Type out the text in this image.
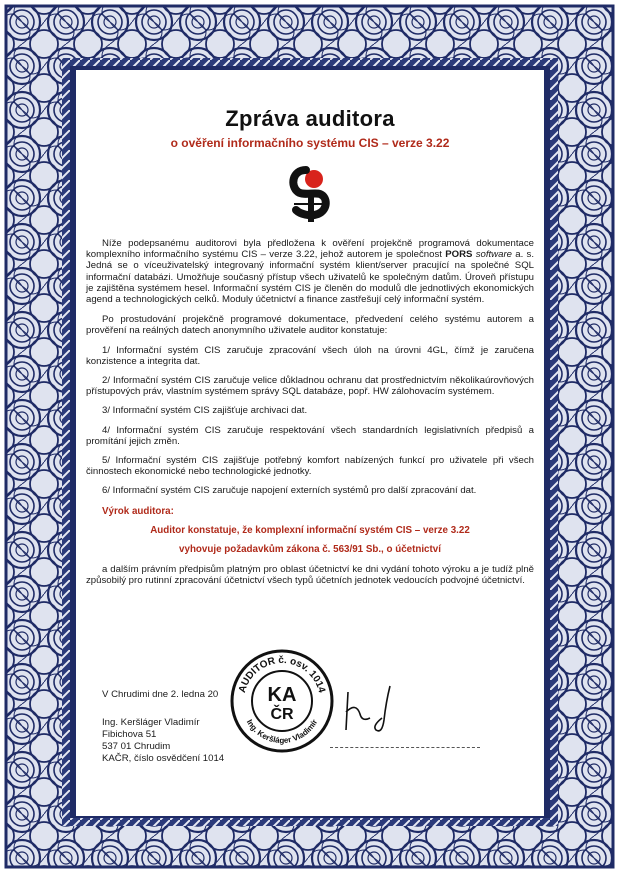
Zpráva auditora
o ověření informačního systému CIS – verze 3.22

Níže podepsanému auditorovi byla předložena k ověření projekčně programová dokumentace komplexního informačního systému CIS – verze 3.22, jehož autorem je společnost PORS software a. s. Jedná se o víceuživatelský integrovaný informační systém klient/server pracující na společné SQL informační databázi. Umožňuje současný přístup všech uživatelů ke společným datům. Úroveň přístupu je zajištěna systémem hesel. Informační systém CIS je členěn do modulů dle jednotlivých ekonomických agend a technologických celků. Moduly účetnictví a finance zastřešují celý informační systém.

Po prostudování projekčně programové dokumentace, předvedení celého systému autorem a prověření na reálných datech anonymního uživatele auditor konstatuje:

1/ Informační systém CIS zaručuje zpracování všech úloh na úrovni 4GL, čímž je zaručena konzistence a integrita dat.

2/ Informační systém CIS zaručuje velice důkladnou ochranu dat prostřednictvím několikaúrovňových přístupových práv, vlastním systémem správy SQL databáze, popř. HW zálohovacím systémem.

3/ Informační systém CIS zajišťuje archivaci dat.

4/ Informační systém CIS zaručuje respektování všech standardních legislativních předpisů a promítání jejich změn.

5/ Informační systém CIS zajišťuje potřebný komfort nabízených funkcí pro uživatele při všech činnostech ekonomické nebo technologické jednotky.

6/ Informační systém CIS zaručuje napojení externích systémů pro další zpracování dat.

Výrok auditora:
Auditor konstatuje, že komplexní informační systém CIS – verze 3.22
vyhovuje požadavkům zákona č. 563/91 Sb., o účetnictví

a dalším právním předpisům platným pro oblast účetnictví ke dni vydání tohoto výroku a je tudíž plně způsobilý pro rutinní zpracování účetnictví všech typů účetních jednotek vedoucích podvojné účetnictví.

V Chrudimi dne 2. ledna 20
Ing. Keršláger Vladimír
Fibichova 51
537 01 Chrudim
KAČR, číslo osvědčení 1014
AUDITOR č. osv. 1014
Ing. Keršláger Vladimír
KA
ČR
